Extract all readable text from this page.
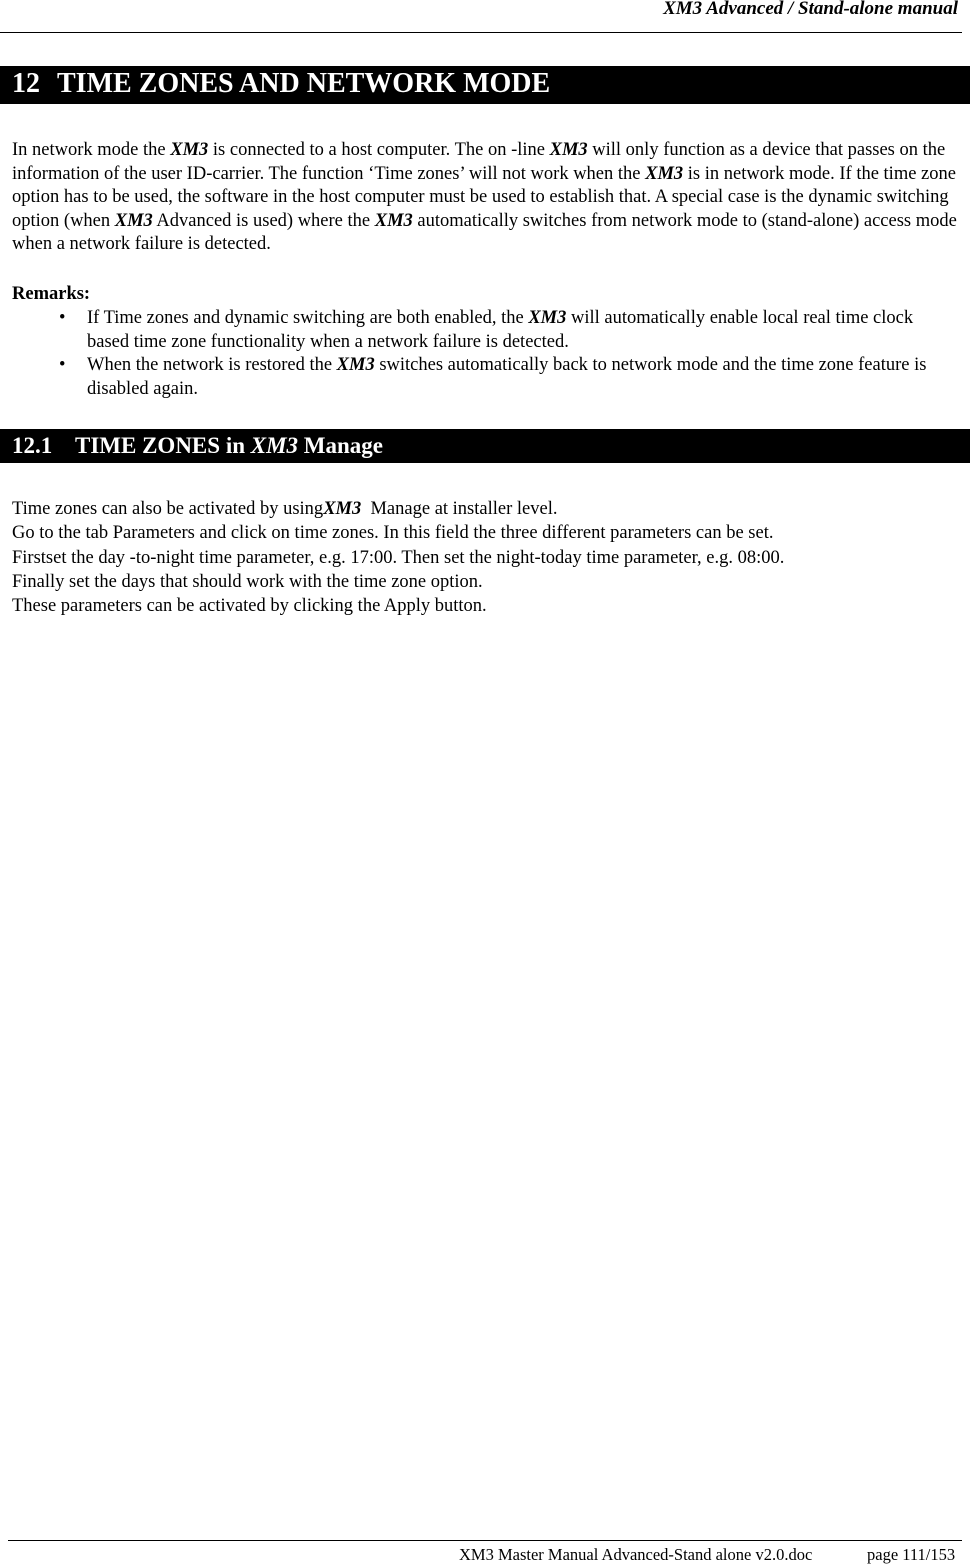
XM3 Advanced / Stand-alone manual
12 TIME ZONES AND NETWORK MODE
In network mode the XM3 is connected to a host computer. The on -line XM3 will only function as a device that passes on the information of the user ID-carrier. The function ‘Time zones’ will not work when the XM3 is in network mode. If the time zone option has to be used, the software in the host computer must be used to establish that. A special case is the dynamic switching option (when XM3 Advanced is used) where the XM3 automatically switches from network mode to (stand-alone) access mode when a network failure is detected.
Remarks:
• If Time zones and dynamic switching are both enabled, the XM3 will automatically enable local real time clock based time zone functionality when a network failure is detected.
• When the network is restored the XM3 switches automatically back to network mode and the time zone feature is disabled again.
12.1 TIME ZONES in XM3 Manage
Time zones can also be activated by usingXM3  Manage at installer level.
Go to the tab Parameters and click on time zones. In this field the three different parameters can be set.
Firstset the day -to-night time parameter, e.g. 17:00. Then set the night-today time parameter, e.g. 08:00.
Finally set the days that should work with the time zone option.
These parameters can be activated by clicking the Apply button.
XM3 Master Manual Advanced-Stand alone v2.0.doc	page 111/153
